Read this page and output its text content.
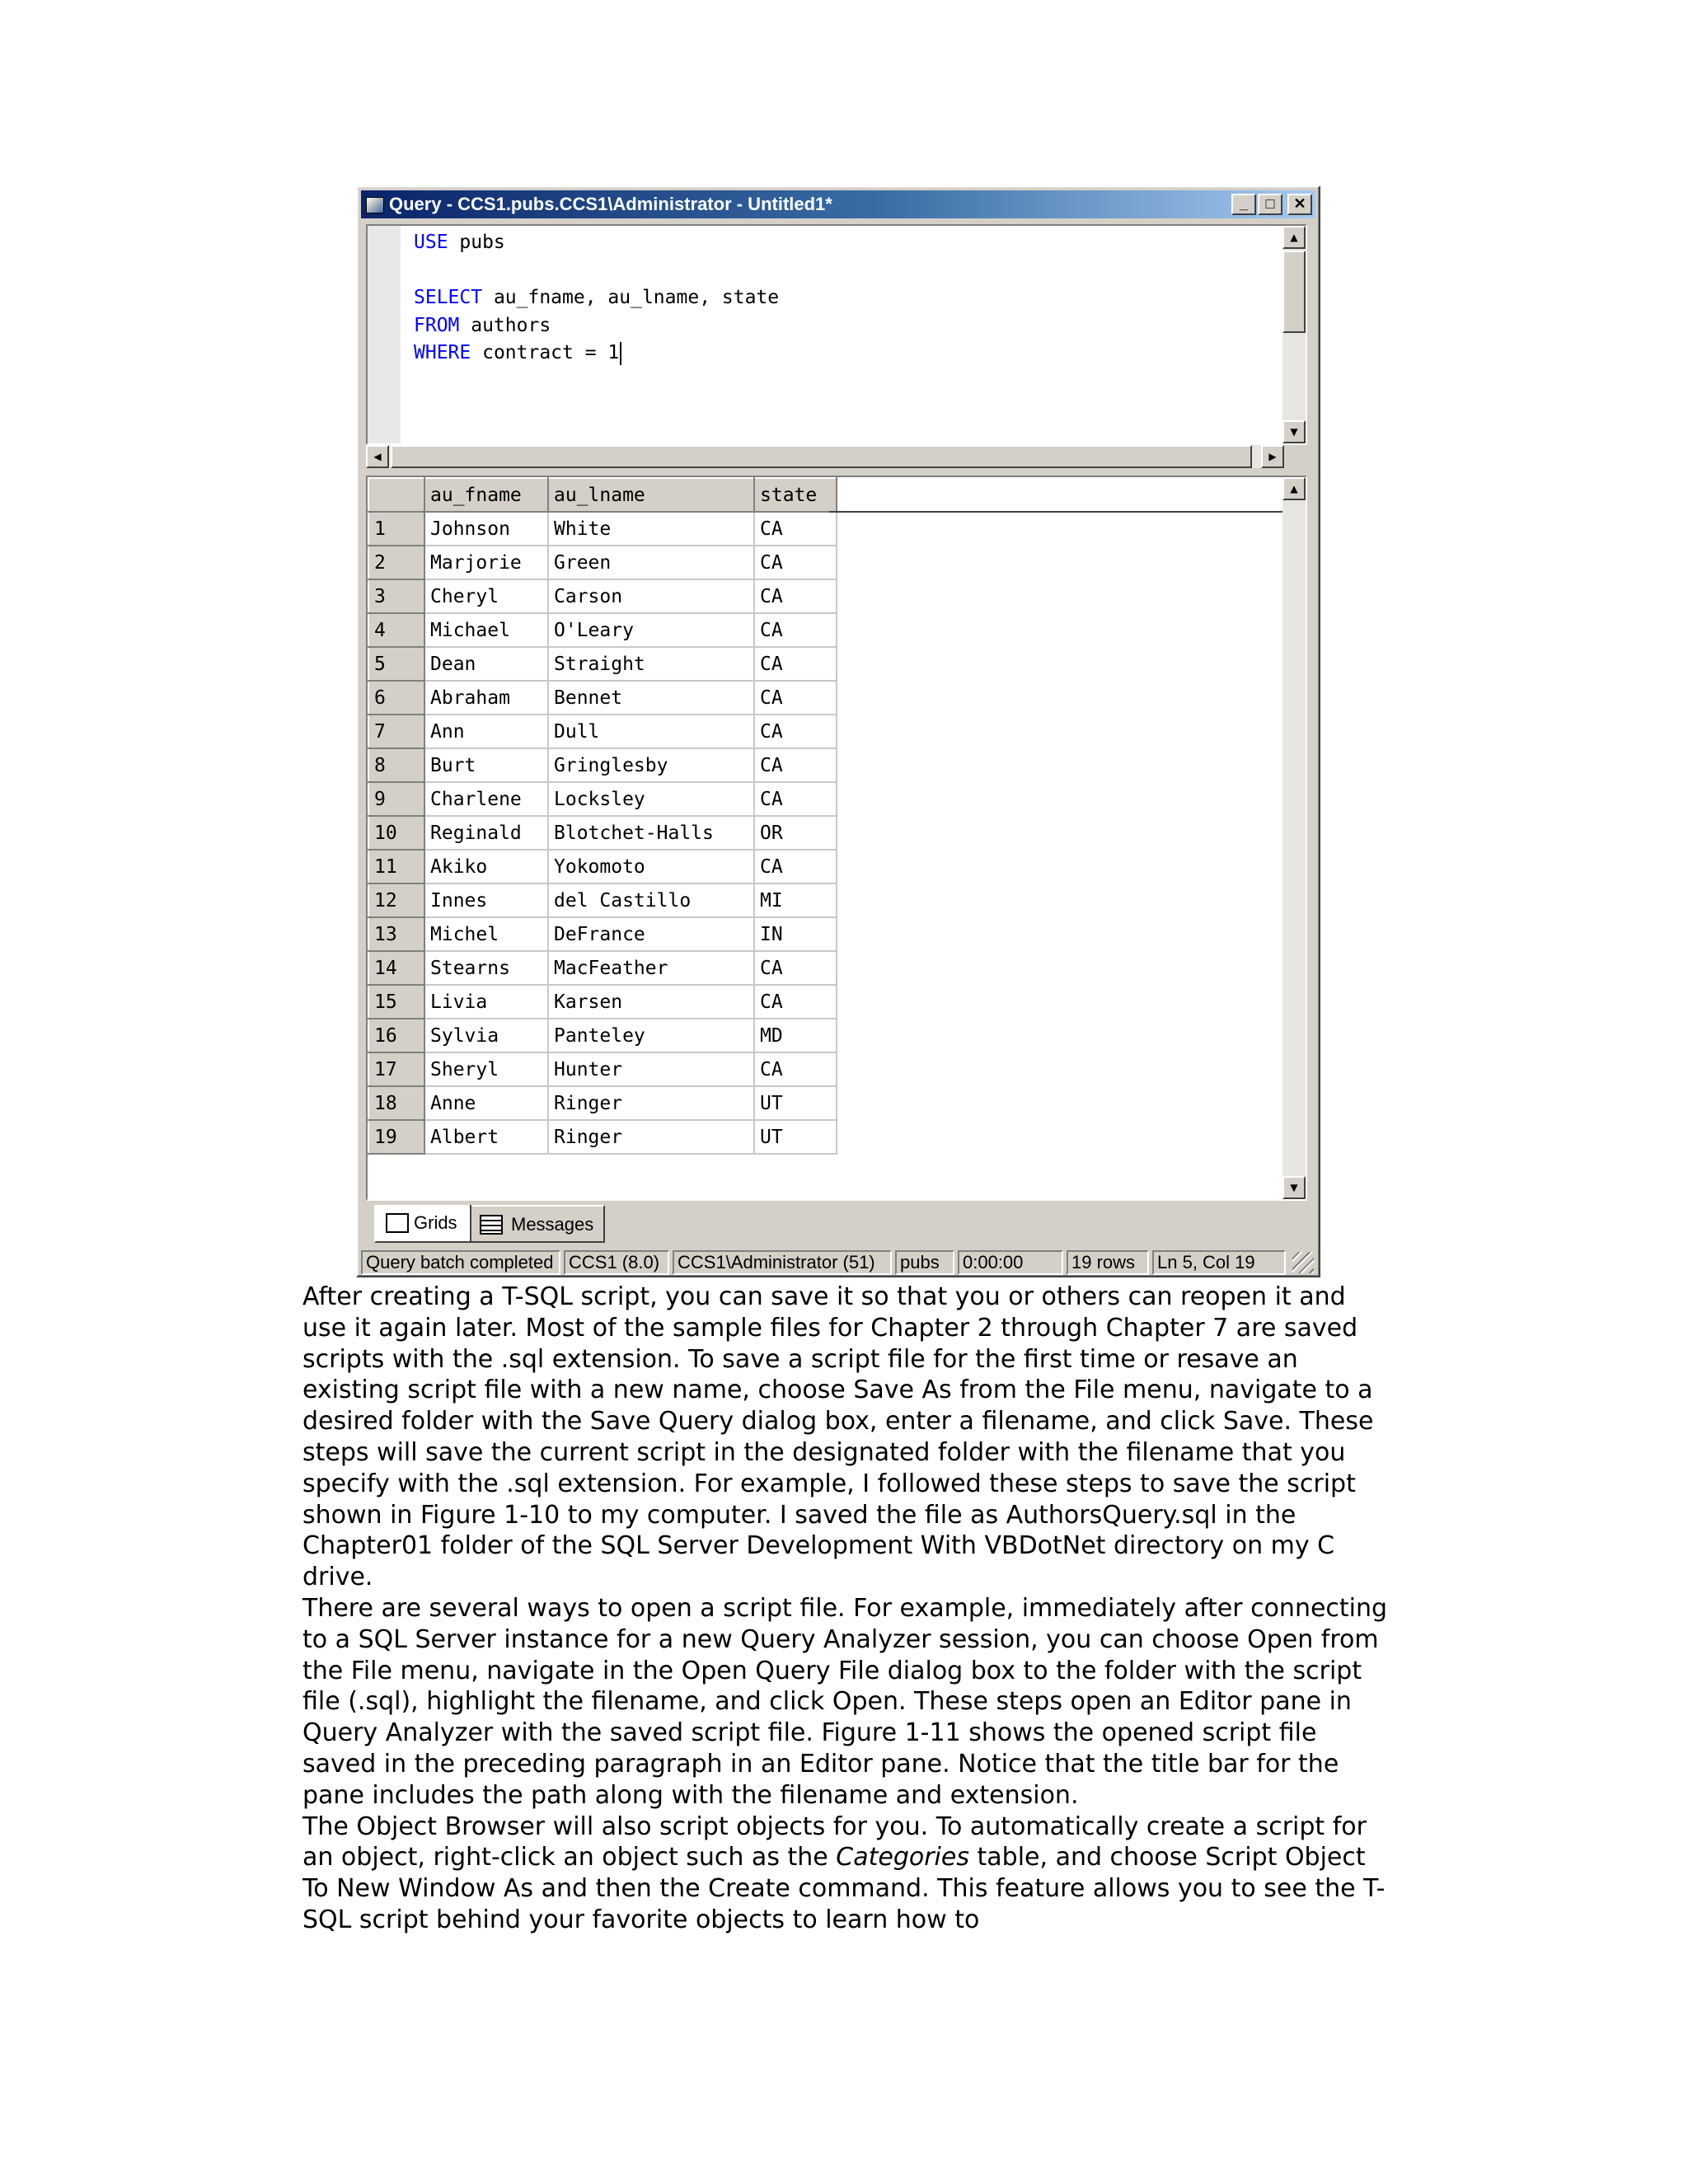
Query - CCS1.pubs.CCS1\Administrator - Untitled1*	_	□	✕
USE pubs
SELECT au_fname, au_lname, state
FROM authors
WHERE contract = 1
▲
▼
◀	▶
	au_fname	au_lname	state
1	Johnson	White	CA
2	Marjorie	Green	CA
3	Cheryl	Carson	CA
4	Michael	O'Leary	CA
5	Dean	Straight	CA
6	Abraham	Bennet	CA
7	Ann	Dull	CA
8	Burt	Gringlesby	CA
9	Charlene	Locksley	CA
10	Reginald	Blotchet-Halls	OR
11	Akiko	Yokomoto	CA
12	Innes	del Castillo	MI
13	Michel	DeFrance	IN
14	Stearns	MacFeather	CA
15	Livia	Karsen	CA
16	Sylvia	Panteley	MD
17	Sheryl	Hunter	CA
18	Anne	Ringer	UT
19	Albert	Ringer	UT
▲
▼
Grids	Messages
Query batch completed CCS1 (8.0) CCS1\Administrator (51)	pubs	0:00:00	19 rows	Ln 5, Col 19

After creating a T-SQL script, you can save it so that you or others can reopen it and use it again later. Most of the sample files for Chapter 2 through Chapter 7 are saved scripts with the .sql extension. To save a script file for the first time or resave an existing script file with a new name, choose Save As from the File menu, navigate to a desired folder with the Save Query dialog box, enter a filename, and click Save. These steps will save the current script in the designated folder with the filename that you specify with the .sql extension. For example, I followed these steps to save the script shown in Figure 1-10 to my computer. I saved the file as AuthorsQuery.sql in the Chapter01 folder of the SQL Server Development With VBDotNet directory on my C drive.

There are several ways to open a script file. For example, immediately after connecting to a SQL Server instance for a new Query Analyzer session, you can choose Open from the File menu, navigate in the Open Query File dialog box to the folder with the script file (.sql), highlight the filename, and click Open. These steps open an Editor pane in Query Analyzer with the saved script file. Figure 1-11 shows the opened script file saved in the preceding paragraph in an Editor pane. Notice that the title bar for the pane includes the path along with the filename and extension.

The Object Browser will also script objects for you. To automatically create a script for an object, right-click an object such as the Categories table, and choose Script Object To New Window As and then the Create command. This feature allows you to see the T-SQL script behind your favorite objects to learn how to
